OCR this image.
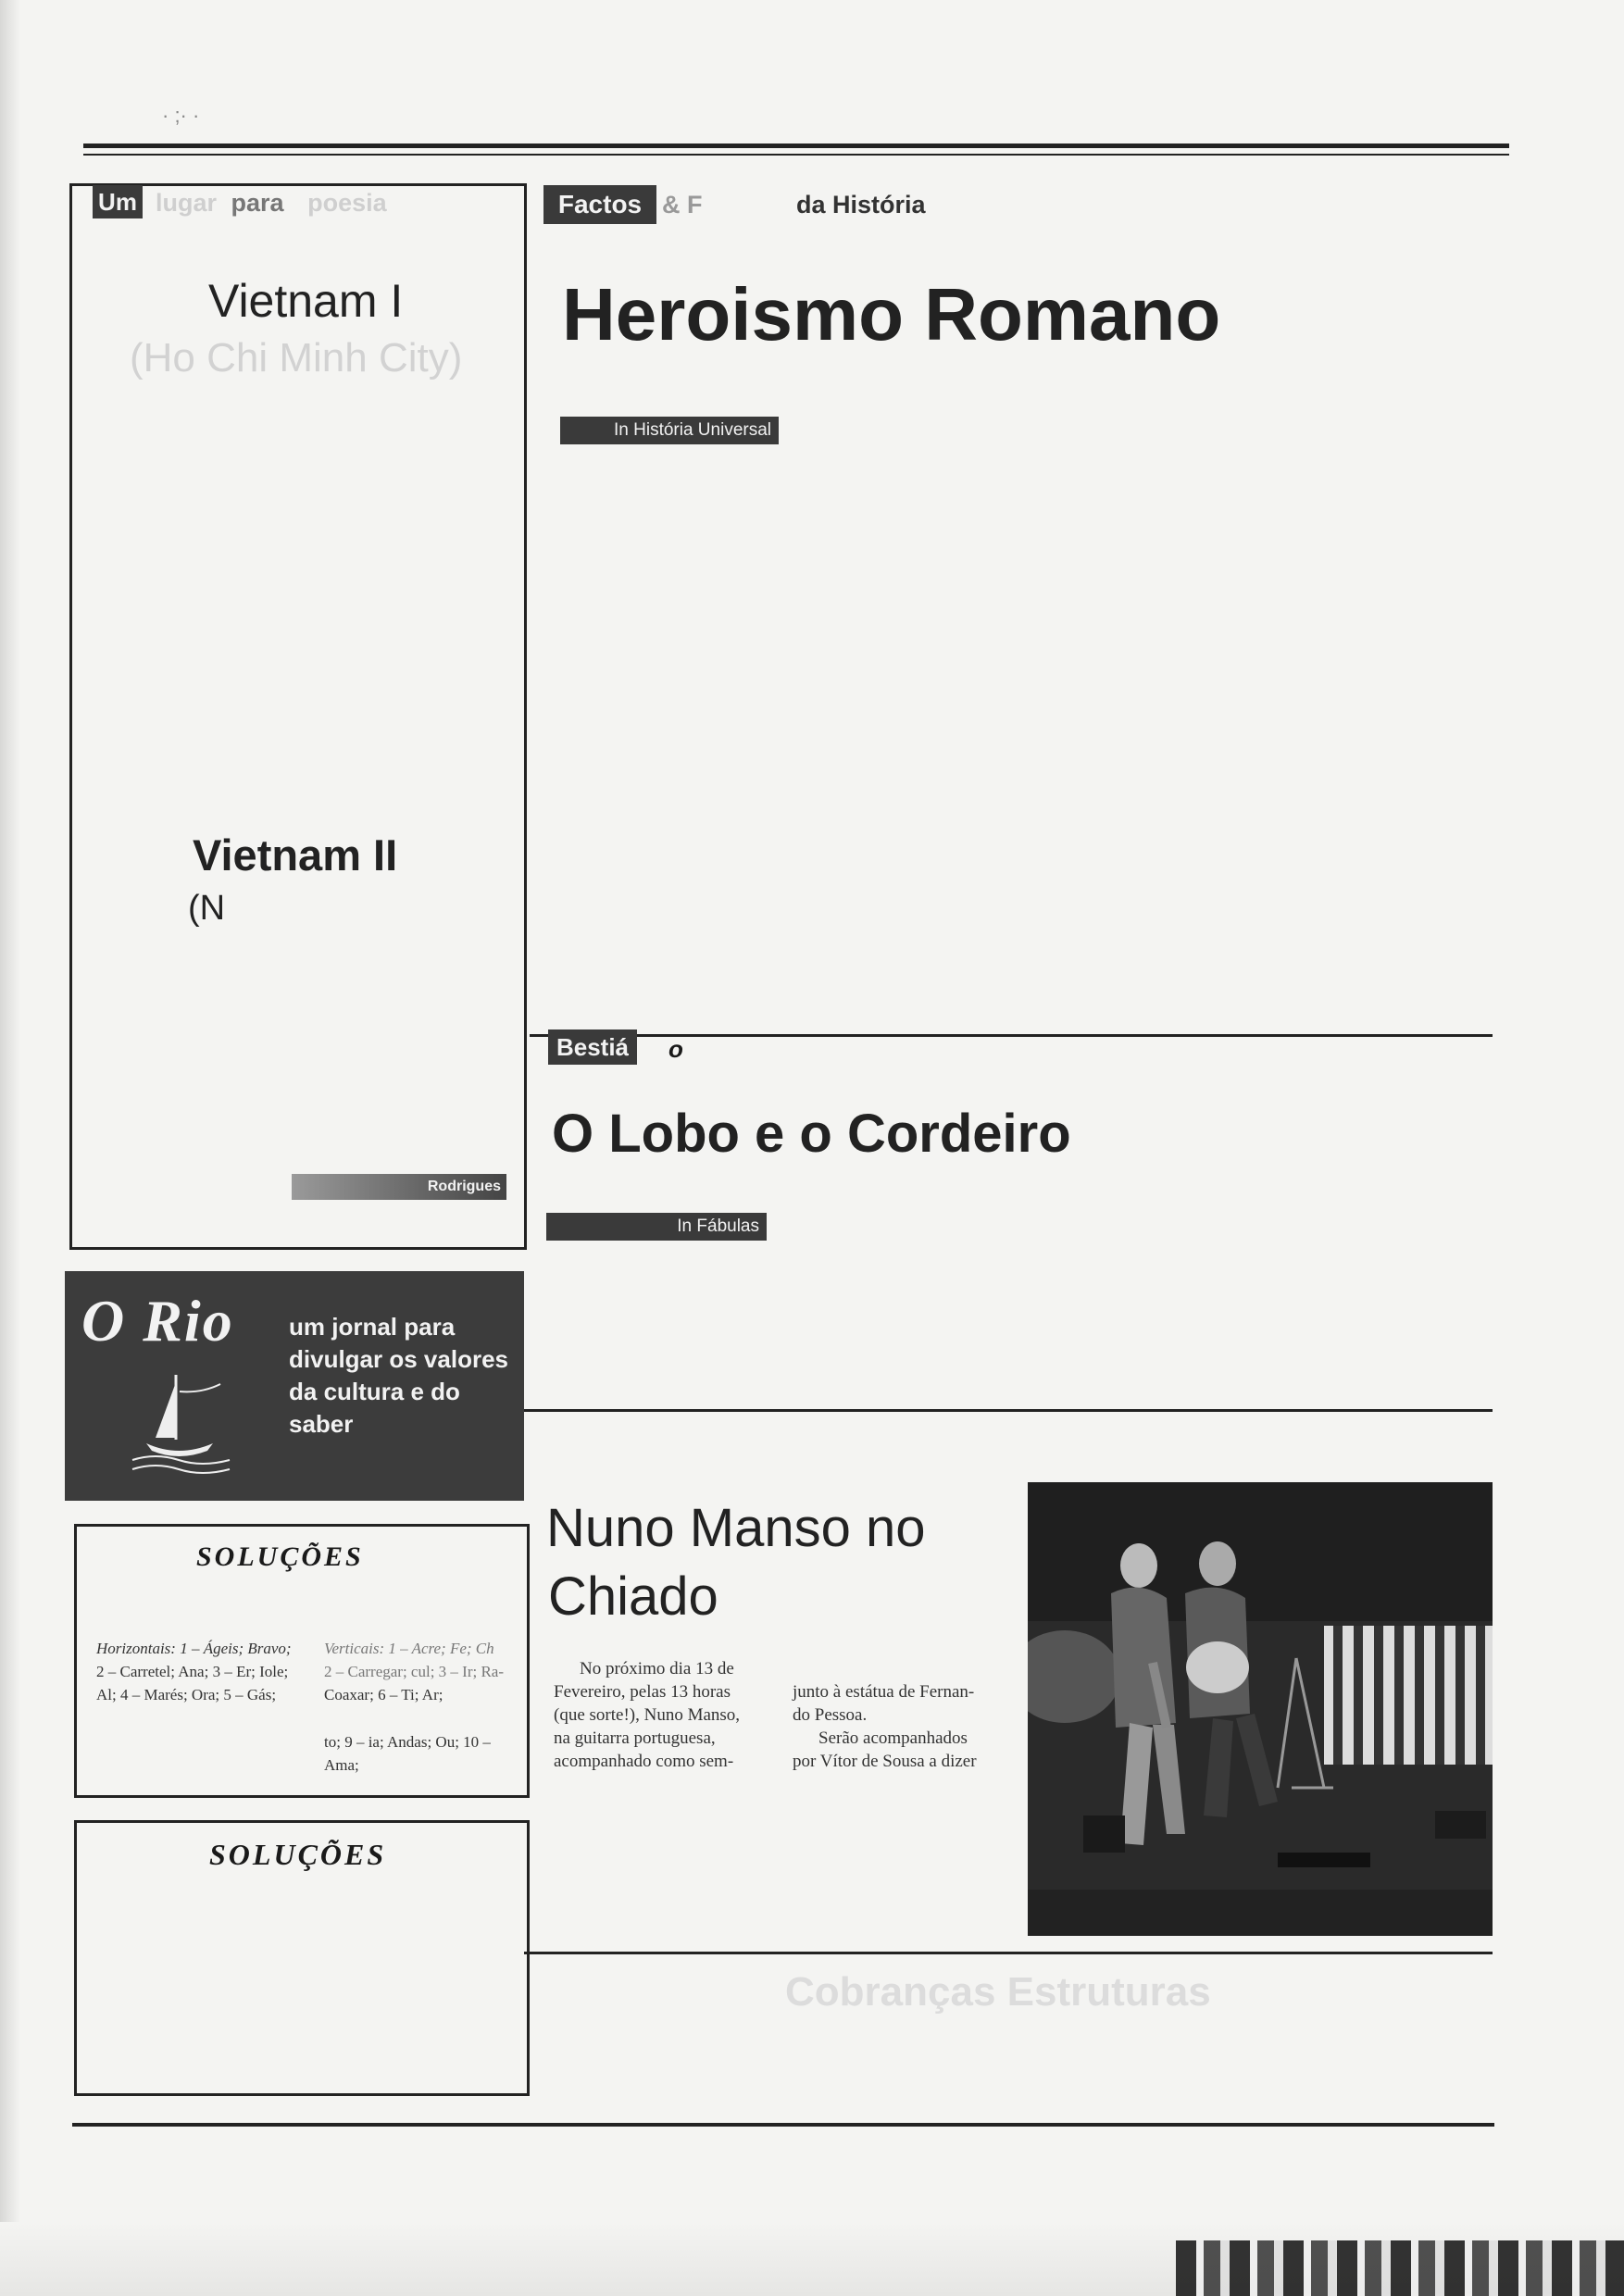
· ;· ·
Um lugar para poesia
Vietnam I
(Ho Chi Minh City)
Vietnam II
(N
Rodrigues
Factos & F	da História
Heroismo Romano
In História Universal
Bestiá	o
O Lobo e o Cordeiro
In Fábulas
O Rio um jornal para divulgar os valores da cultura e do saber
SOLUÇÕES
Horizontais: 1 – Ágeis; Bravo;
2 – Carretel; Ana; 3 – Er; Iole;
Al; 4 – Marés; Ora; 5 – Gás;
Verticais: 1 – Acre; Fe; Ch
2 – Carregar; cul; 3 – Ir; Ra-
Coaxar; 6 – Ti; Ar;
to; 9 – ia; Andas; Ou; 10 – Ama;
SOLUÇÕES
Nuno Manso no
Chiado
No próximo dia 13 de
Fevereiro, pelas 13 horas
(que sorte!), Nuno Manso,
na guitarra portuguesa,
acompanhado como sem-
junto à estátua de Fernan-
do Pessoa.
Serão acompanhados
por Vítor de Sousa a dizer
Cobranças Estruturas
